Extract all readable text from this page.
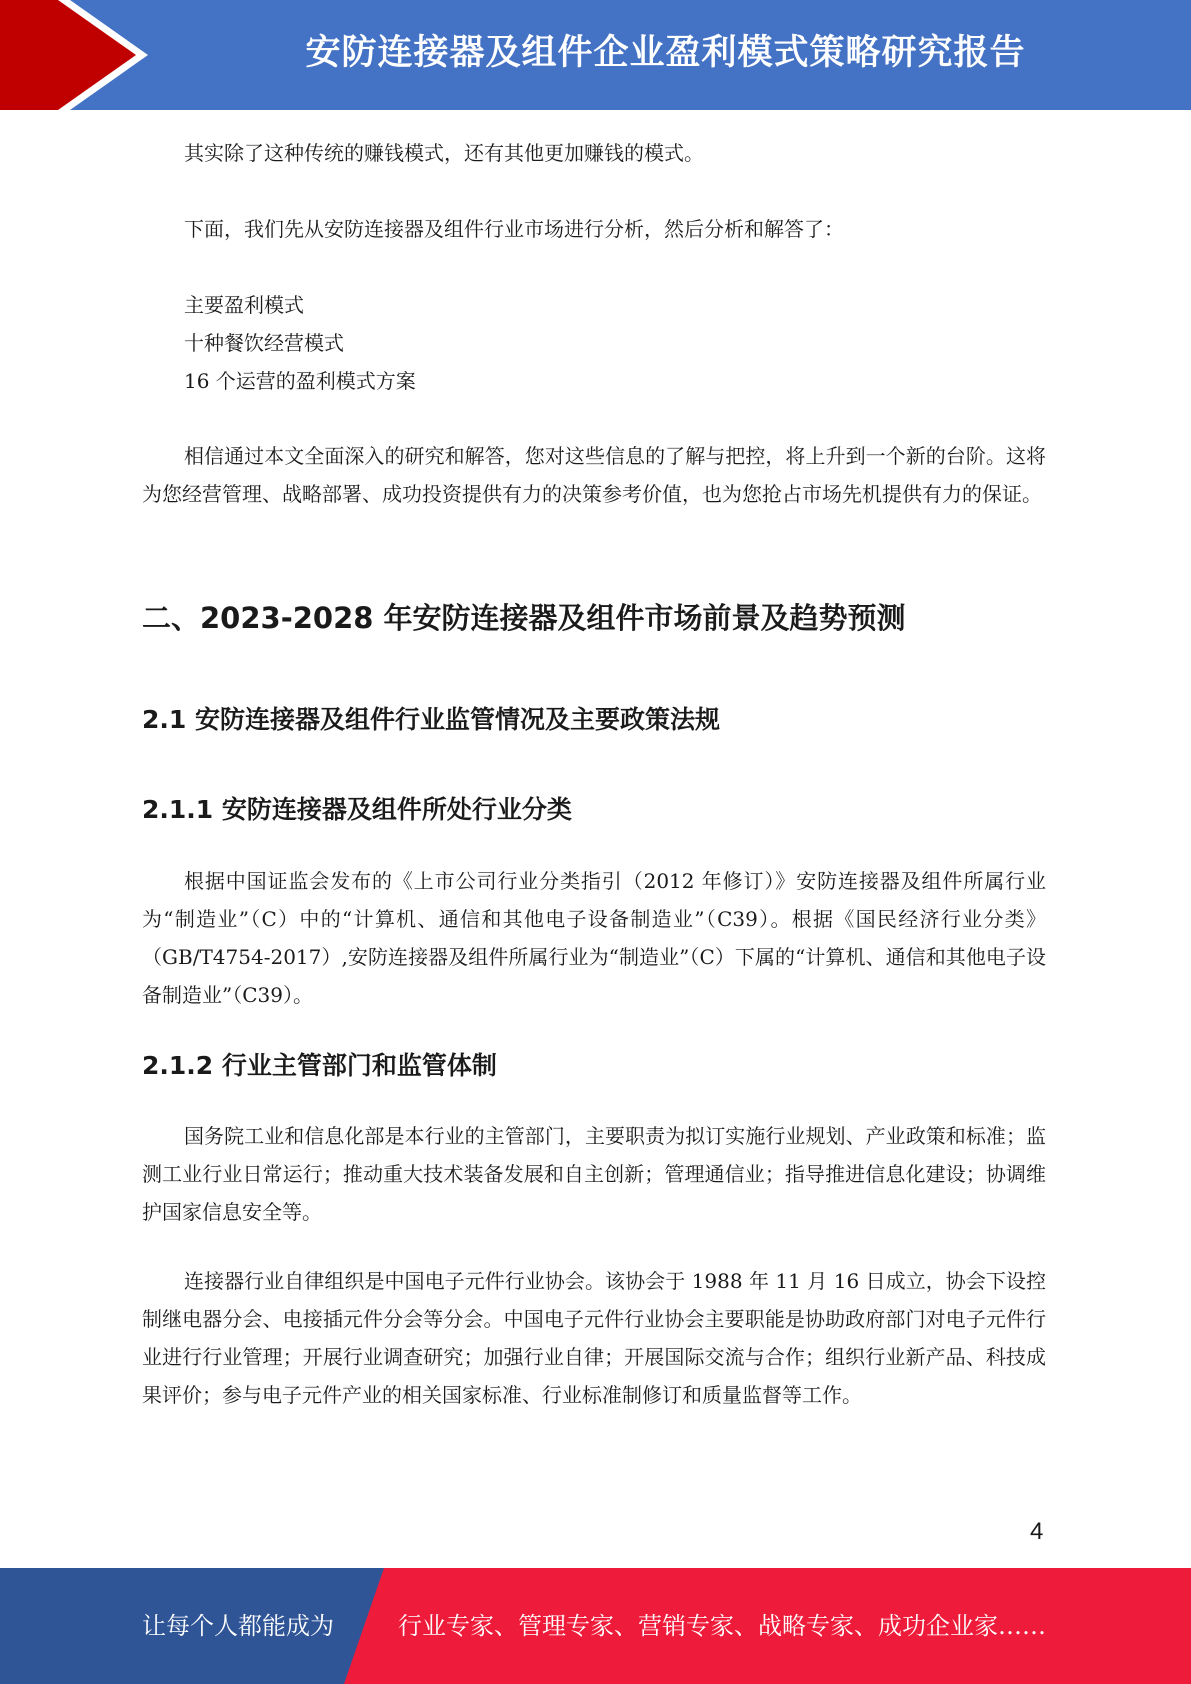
安防连接器及组件企业盈利模式策略研究报告

其实除了这种传统的赚钱模式，还有其他更加赚钱的模式。

下面，我们先从安防连接器及组件行业市场进行分析，然后分析和解答了：

主要盈利模式
十种餐饮经营模式
16 个运营的盈利模式方案

相信通过本文全面深入的研究和解答，您对这些信息的了解与把控，将上升到一个新的台阶。这将为您经营管理、战略部署、成功投资提供有力的决策参考价值，也为您抢占市场先机提供有力的保证。

二、2023-2028 年安防连接器及组件市场前景及趋势预测
2.1 安防连接器及组件行业监管情况及主要政策法规
2.1.1 安防连接器及组件所处行业分类

根据中国证监会发布的《上市公司行业分类指引（2012 年修订）》安防连接器及组件所属行业为“制造业”（C）中的“计算机、通信和其他电子设备制造业”（C39）。根据《国民经济行业分类》（GB/T4754-2017）,安防连接器及组件所属行业为“制造业”（C）下属的“计算机、通信和其他电子设备制造业”（C39）。

2.1.2 行业主管部门和监管体制

国务院工业和信息化部是本行业的主管部门，主要职责为拟订实施行业规划、产业政策和标准；监测工业行业日常运行；推动重大技术装备发展和自主创新；管理通信业；指导推进信息化建设；协调维护国家信息安全等。

连接器行业自律组织是中国电子元件行业协会。该协会于 1988 年 11 月 16 日成立，协会下设控制继电器分会、电接插元件分会等分会。中国电子元件行业协会主要职能是协助政府部门对电子元件行业进行行业管理；开展行业调查研究；加强行业自律；开展国际交流与合作；组织行业新产品、科技成果评价；参与电子元件产业的相关国家标准、行业标准制修订和质量监督等工作。

4
让每个人都能成为	行业专家、管理专家、营销专家、战略专家、成功企业家……
